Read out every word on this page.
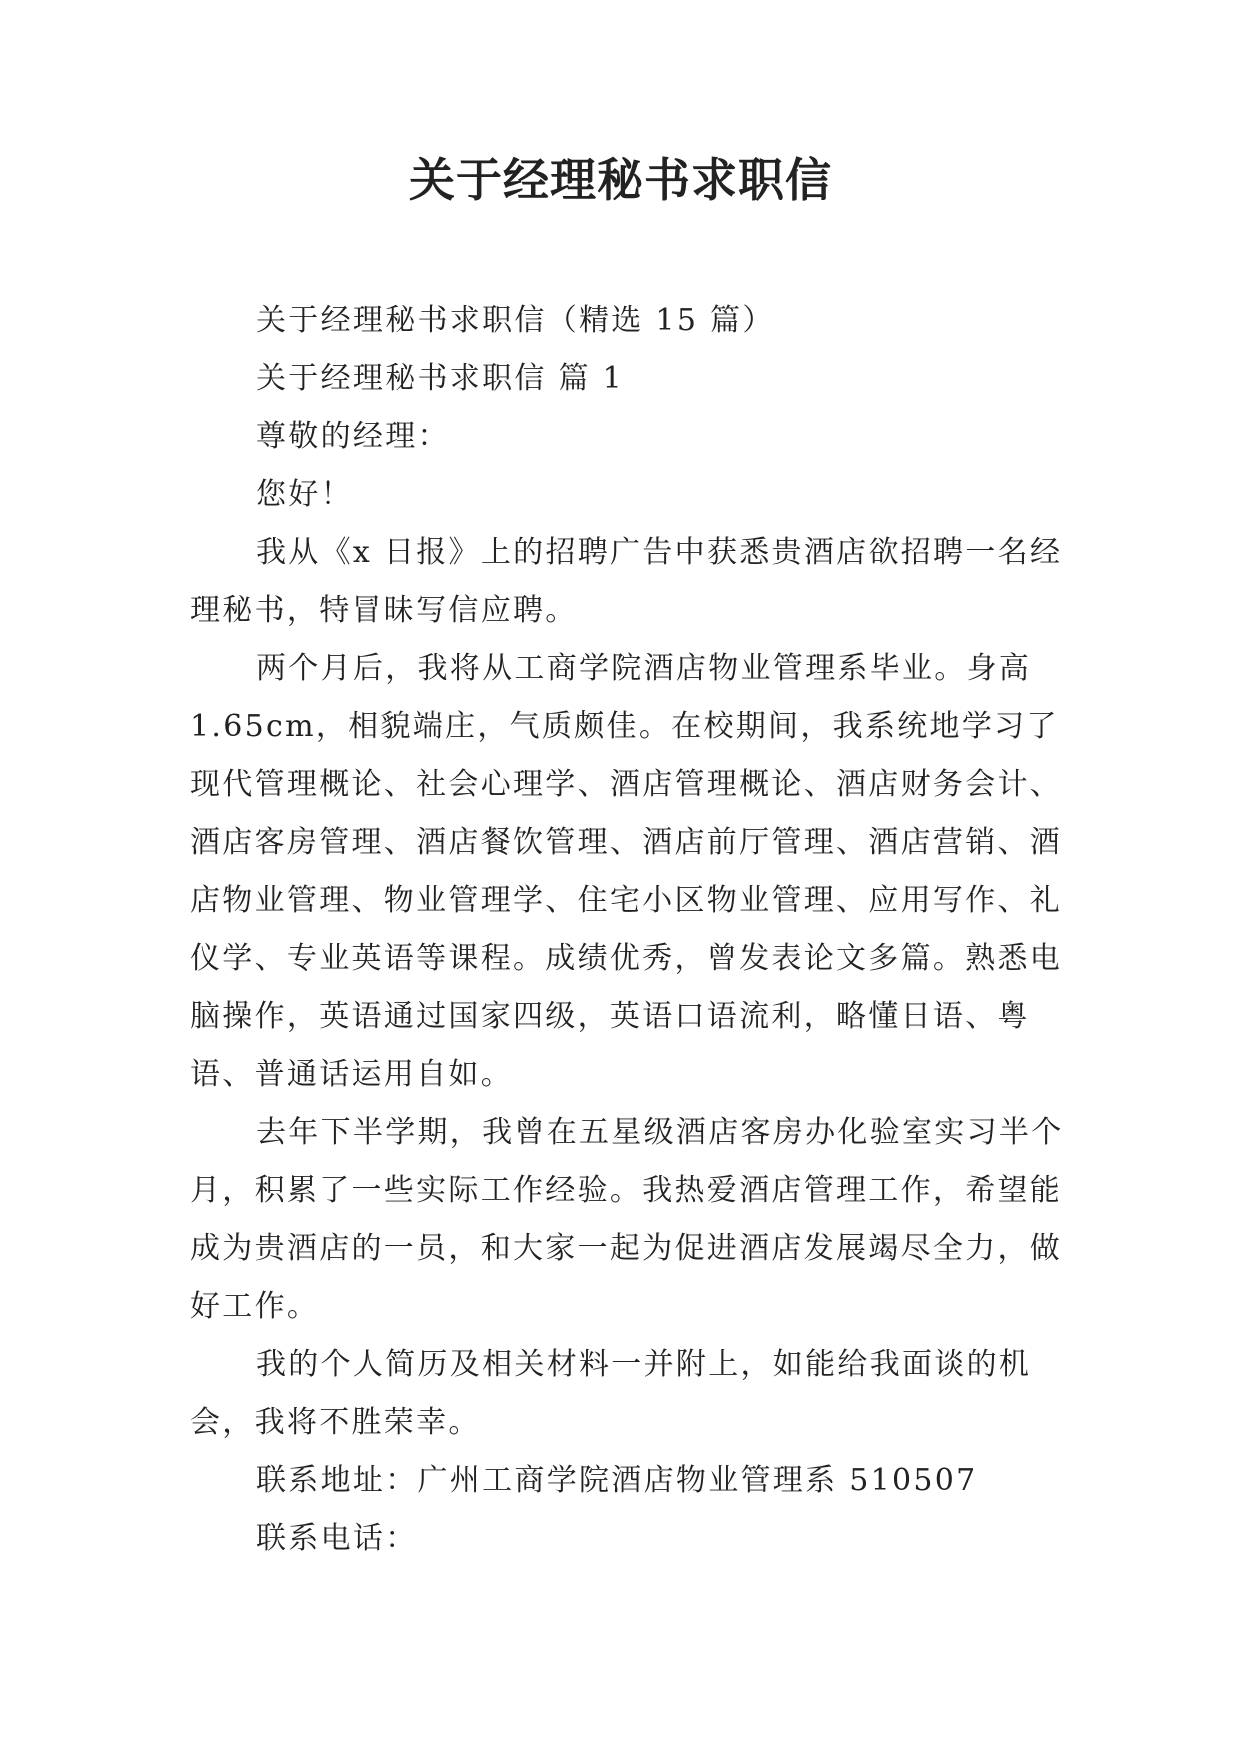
关于经理秘书求职信

关于经理秘书求职信（精选 15 篇）

关于经理秘书求职信 篇 1

尊敬的经理：

您好！

我从《x 日报》上的招聘广告中获悉贵酒店欲招聘一名经理秘书，特冒昧写信应聘。

两个月后，我将从工商学院酒店物业管理系毕业。身高 1.65cm，相貌端庄，气质颇佳。在校期间，我系统地学习了现代管理概论、社会心理学、酒店管理概论、酒店财务会计、酒店客房管理、酒店餐饮管理、酒店前厅管理、酒店营销、酒店物业管理、物业管理学、住宅小区物业管理、应用写作、礼仪学、专业英语等课程。成绩优秀，曾发表论文多篇。熟悉电脑操作，英语通过国家四级，英语口语流利，略懂日语、粤语、普通话运用自如。

去年下半学期，我曾在五星级酒店客房办化验室实习半个月，积累了一些实际工作经验。我热爱酒店管理工作，希望能成为贵酒店的一员，和大家一起为促进酒店发展竭尽全力，做好工作。

我的个人简历及相关材料一并附上，如能给我面谈的机会，我将不胜荣幸。

联系地址：广州工商学院酒店物业管理系 510507

联系电话：
